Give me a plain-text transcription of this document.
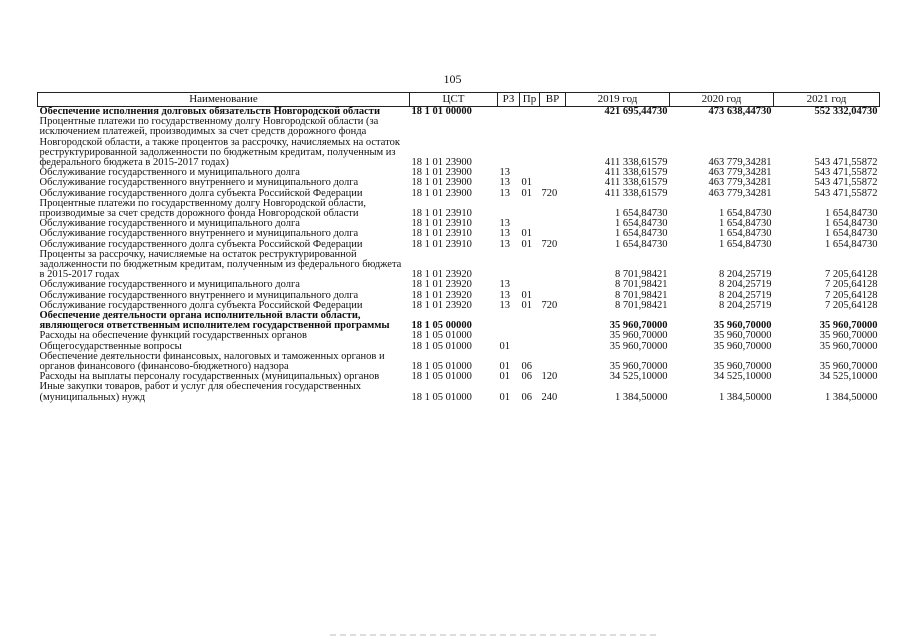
105
Наименование	ЦСТ	РЗ	Пр	ВР	2019 год	2020 год	2021 год
Обеспечение исполнения долговых обязательств Новгородской области	18 1 01 00000				421 695,44730	473 638,44730	552 332,04730
Процентные платежи по государственному долгу Новгородской области (за исключением платежей, производимых за счет средств дорожного фонда Новгородской области, а также процентов за рассрочку, начисляемых на остаток реструктурированной задолженности по бюджетным кредитам, полученным из федерального бюджета в 2015-2017 годах)	18 1 01 23900				411 338,61579	463 779,34281	543 471,55872
Обслуживание государственного и муниципального долга	18 1 01 23900	13			411 338,61579	463 779,34281	543 471,55872
Обслуживание государственного внутреннего и муниципального долга	18 1 01 23900	13	01		411 338,61579	463 779,34281	543 471,55872
Обслуживание государственного долга субъекта Российской Федерации	18 1 01 23900	13	01	720	411 338,61579	463 779,34281	543 471,55872
Процентные платежи по государственному долгу Новгородской области, производимые за счет средств дорожного фонда Новгородской области	18 1 01 23910				1 654,84730	1 654,84730	1 654,84730
Обслуживание государственного и муниципального долга	18 1 01 23910	13			1 654,84730	1 654,84730	1 654,84730
Обслуживание государственного внутреннего и муниципального долга	18 1 01 23910	13	01		1 654,84730	1 654,84730	1 654,84730
Обслуживание государственного долга субъекта Российской Федерации	18 1 01 23910	13	01	720	1 654,84730	1 654,84730	1 654,84730
Проценты за рассрочку, начисляемые на остаток реструктурированной задолженности по бюджетным кредитам, полученным из федерального бюджета в 2015-2017 годах	18 1 01 23920				8 701,98421	8 204,25719	7 205,64128
Обслуживание государственного и муниципального долга	18 1 01 23920	13			8 701,98421	8 204,25719	7 205,64128
Обслуживание государственного внутреннего и муниципального долга	18 1 01 23920	13	01		8 701,98421	8 204,25719	7 205,64128
Обслуживание государственного долга субъекта Российской Федерации	18 1 01 23920	13	01	720	8 701,98421	8 204,25719	7 205,64128
Обеспечение деятельности органа исполнительной власти области, являющегося ответственным исполнителем государственной программы	18 1 05 00000				35 960,70000	35 960,70000	35 960,70000
Расходы на обеспечение функций государственных органов	18 1 05 01000				35 960,70000	35 960,70000	35 960,70000
Общегосударственные вопросы	18 1 05 01000	01			35 960,70000	35 960,70000	35 960,70000
Обеспечение деятельности финансовых, налоговых и таможенных органов и органов финансового (финансово-бюджетного) надзора	18 1 05 01000	01	06		35 960,70000	35 960,70000	35 960,70000
Расходы на выплаты персоналу государственных (муниципальных) органов	18 1 05 01000	01	06	120	34 525,10000	34 525,10000	34 525,10000
Иные закупки товаров, работ и услуг для обеспечения государственных (муниципальных) нужд	18 1 05 01000	01	06	240	1 384,50000	1 384,50000	1 384,50000
